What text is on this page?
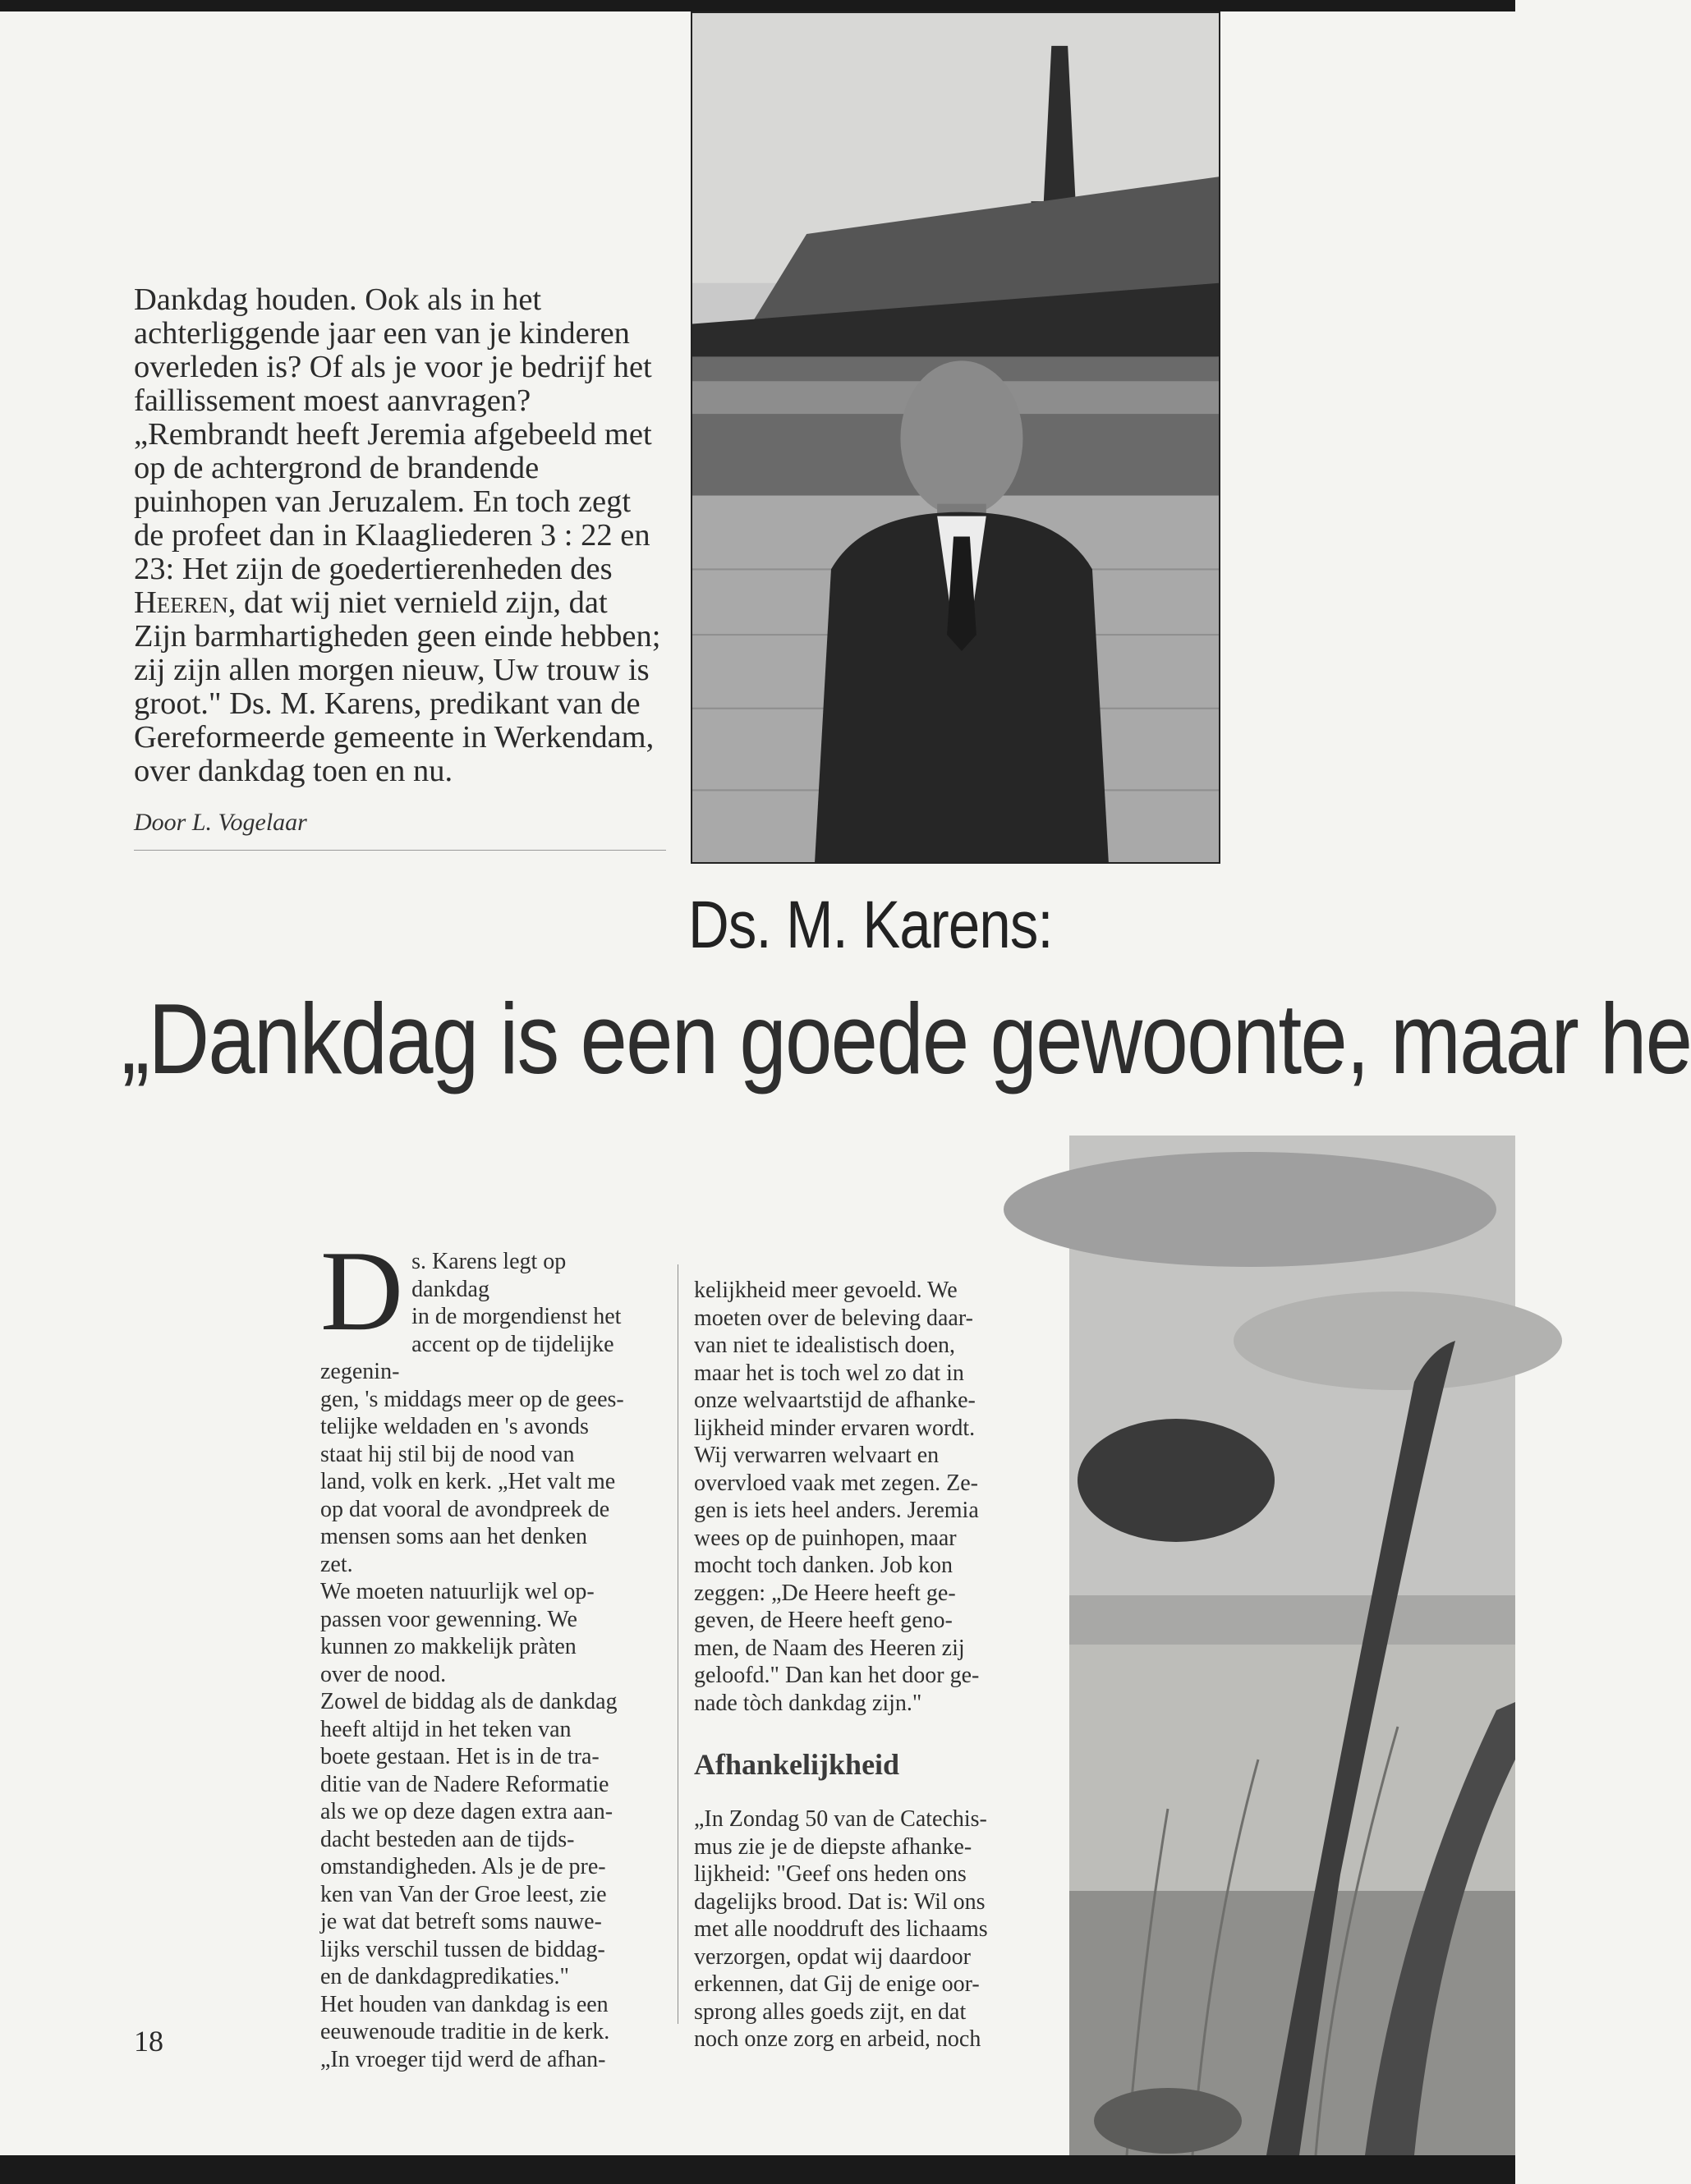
Dankdag houden. Ook als in het achterliggende jaar een van je kinderen overleden is? Of als je voor je bedrijf het faillissement moest aanvragen? „Rembrandt heeft Jeremia afgebeeld met op de achtergrond de brandende puinhopen van Jeruzalem. En toch zegt de profeet dan in Klaagliederen 3 : 22 en 23: Het zijn de goedertierenheden des Heeren, dat wij niet vernield zijn, dat Zijn barmhartigheden geen einde hebben; zij zijn allen morgen nieuw, Uw trouw is groot." Ds. M. Karens, predikant van de Gereformeerde gemeente in Werkendam, over dankdag toen en nu.

Door L. Vogelaar
Ds. M. Karens:
„Dankdag is een goede gewoonte, maar he
D s. Karens legt op dankdag

in de morgendienst het

accent op de tijdelijke zegenin-

gen, 's middags meer op de gees-

telijke weldaden en 's avonds

staat hij stil bij de nood van

land, volk en kerk. „Het valt me

op dat vooral de avondpreek de

mensen soms aan het denken

zet.

We moeten natuurlijk wel op-

passen voor gewenning. We

kunnen zo makkelijk pràten

over de nood.

Zowel de biddag als de dankdag

heeft altijd in het teken van

boete gestaan. Het is in de tra-

ditie van de Nadere Reformatie

als we op deze dagen extra aan-

dacht besteden aan de tijds-

omstandigheden. Als je de pre-

ken van Van der Groe leest, zie

je wat dat betreft soms nauwe-

lijks verschil tussen de biddag-

en de dankdagpredikaties."

Het houden van dankdag is een

eeuwenoude traditie in de kerk.

„In vroeger tijd werd de afhan-

kelijkheid meer gevoeld. We

moeten over de beleving daar-

van niet te idealistisch doen,

maar het is toch wel zo dat in

onze welvaartstijd de afhanke-

lijkheid minder ervaren wordt.

Wij verwarren welvaart en

overvloed vaak met zegen. Ze-

gen is iets heel anders. Jeremia

wees op de puinhopen, maar

mocht toch danken. Job kon

zeggen: „De Heere heeft ge-

geven, de Heere heeft geno-

men, de Naam des Heeren zij

geloofd." Dan kan het door ge-

nade tòch dankdag zijn."

Afhankelijkheid

„In Zondag 50 van de Catechis-

mus zie je de diepste afhanke-

lijkheid: "Geef ons heden ons

dagelijks brood. Dat is: Wil ons

met alle nooddruft des lichaams

verzorgen, opdat wij daardoor

erkennen, dat Gij de enige oor-

sprong alles goeds zijt, en dat

noch onze zorg en arbeid, noch

18
